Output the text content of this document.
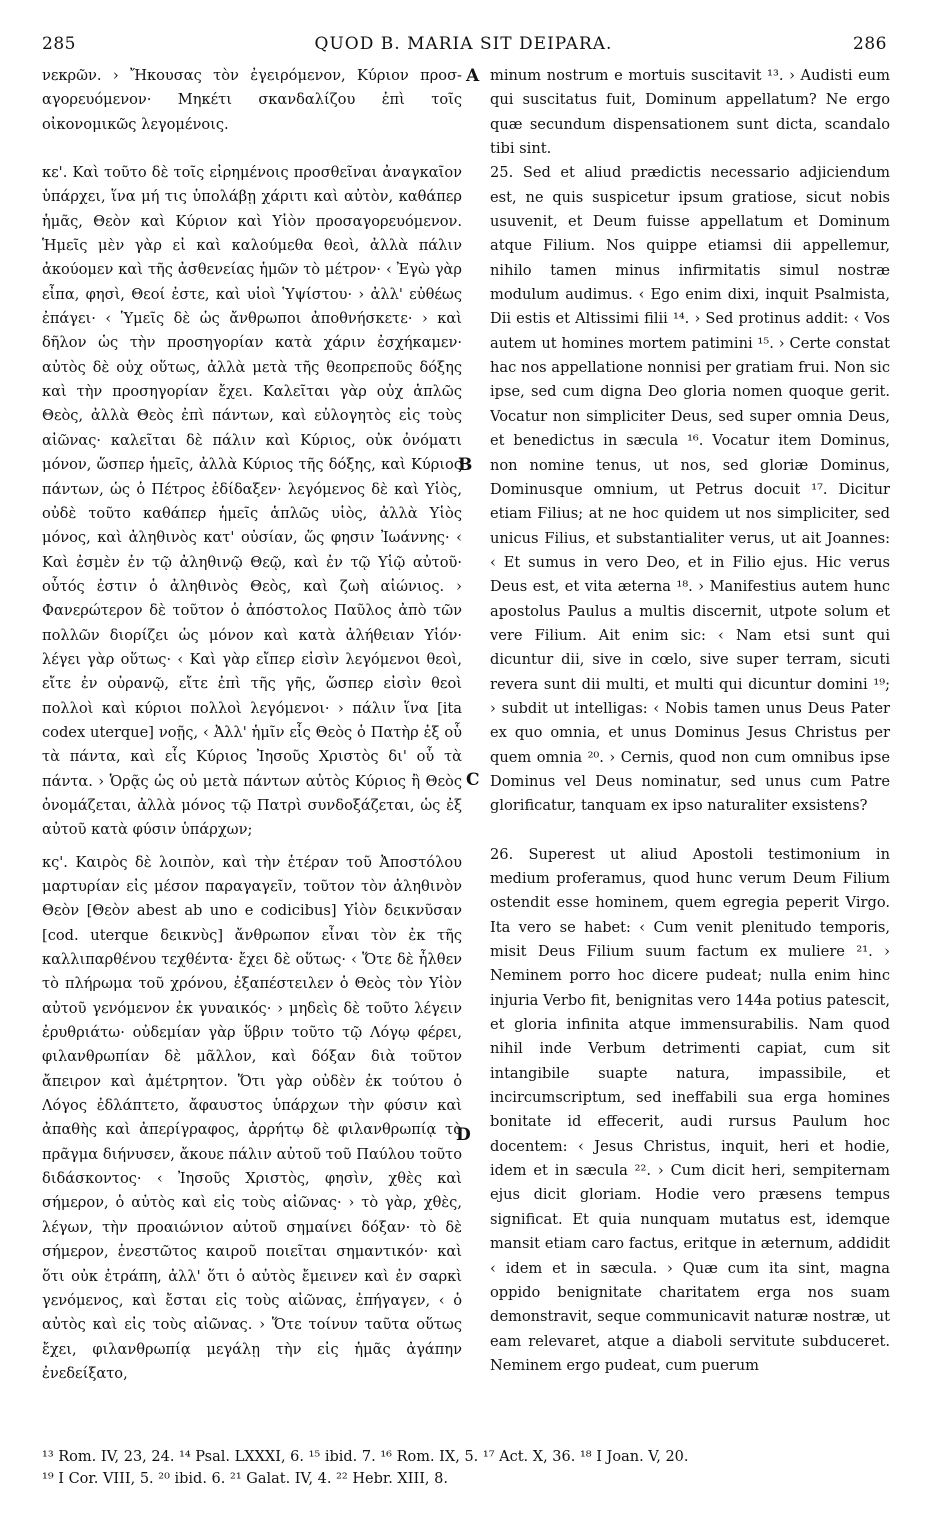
285	QUOD B. MARIA SIT DEIPARA.	286

νεκρῶν. › Ἤκουσας τὸν ἐγειρόμενον, Κύριον προσ-αγορευόμενον· Μηκέτι σκανδαλίζου ἐπὶ τοῖς οἰκονομικῶς λεγομένοις.

κε'. Καὶ τοῦτο δὲ τοῖς εἰρημένοις προσθεῖναι ἀναγκαῖον ὑπάρχει, ἵνα μή τις ὑπολάβῃ χάριτι καὶ αὐτὸν, καθάπερ ἡμᾶς, Θεὸν καὶ Κύριον καὶ Υἱὸν προσαγορευόμενον. Ἡμεῖς μὲν γὰρ εἰ καὶ καλούμεθα θεοὶ, ἀλλὰ πάλιν ἀκούομεν καὶ τῆς ἀσθενείας ἡμῶν τὸ μέτρον· ‹ Ἐγὼ γὰρ εἶπα, φησὶ, Θεοί ἐστε, καὶ υἱοὶ Ὑψίστου· › ἀλλ' εὐθέως ἐπάγει· ‹ Ὑμεῖς δὲ ὡς ἄνθρωποι ἀποθνήσκετε· › καὶ δῆλον ὡς τὴν προσηγορίαν κατὰ χάριν ἐσχήκαμεν· αὐτὸς δὲ οὐχ οὕτως, ἀλλὰ μετὰ τῆς θεοπρεποῦς δόξης καὶ τὴν προσηγορίαν ἔχει. Καλεῖται γὰρ οὐχ ἁπλῶς Θεὸς, ἀλλὰ Θεὸς ἐπὶ πάντων, καὶ εὐλογητὸς εἰς τοὺς αἰῶνας· καλεῖται δὲ πάλιν καὶ Κύριος, οὐκ ὀνόματι μόνον, ὥσπερ ἡμεῖς, ἀλλὰ Κύριος τῆς δόξης, καὶ Κύριος πάντων, ὡς ὁ Πέτρος ἐδίδαξεν· λεγόμενος δὲ καὶ Υἱὸς, οὐδὲ τοῦτο καθάπερ ἡμεῖς ἁπλῶς υἱὸς, ἀλλὰ Υἱὸς μόνος, καὶ ἀληθινὸς κατ' οὐσίαν, ὥς φησιν Ἰωάννης· ‹ Καὶ ἐσμὲν ἐν τῷ ἀληθινῷ Θεῷ, καὶ ἐν τῷ Υἱῷ αὐτοῦ· οὗτός ἐστιν ὁ ἀληθινὸς Θεὸς, καὶ ζωὴ αἰώνιος. › Φανερώτερον δὲ τοῦτον ὁ ἀπόστολος Παῦλος ἀπὸ τῶν πολλῶν διορίζει ὡς μόνον καὶ κατὰ ἀλήθειαν Υἱόν· λέγει γὰρ οὕτως· ‹ Καὶ γὰρ εἴπερ εἰσὶν λεγόμενοι θεοὶ, εἴτε ἐν οὐρανῷ, εἴτε ἐπὶ τῆς γῆς, ὥσπερ εἰσὶν θεοὶ πολλοὶ καὶ κύριοι πολλοὶ λεγόμενοι· › πάλιν ἵνα [ita codex uterque] νοῇς, ‹ Ἀλλ' ἡμῖν εἷς Θεὸς ὁ Πατὴρ ἐξ οὗ τὰ πάντα, καὶ εἷς Κύριος Ἰησοῦς Χριστὸς δι' οὗ τὰ πάντα. › Ὁρᾷς ὡς οὐ μετὰ πάντων αὐτὸς Κύριος ἢ Θεὸς ὀνομάζεται, ἀλλὰ μόνος τῷ Πατρὶ συνδοξάζεται, ὡς ἐξ αὐτοῦ κατὰ φύσιν ὑπάρχων;

κς'. Καιρὸς δὲ λοιπὸν, καὶ τὴν ἑτέραν τοῦ Ἀποστόλου μαρτυρίαν εἰς μέσον παραγαγεῖν, τοῦτον τὸν ἀληθινὸν Θεὸν [Θεὸν abest ab uno e codicibus] Υἱὸν δεικνῦσαν [cod. uterque δεικνὺς] ἄνθρωπον εἶναι τὸν ἐκ τῆς καλλιπαρθένου τεχθέντα· ἔχει δὲ οὕτως· ‹ Ὅτε δὲ ἦλθεν τὸ πλήρωμα τοῦ χρόνου, ἐξαπέστειλεν ὁ Θεὸς τὸν Υἱὸν αὐτοῦ γενόμενον ἐκ γυναικός· › μηδεὶς δὲ τοῦτο λέγειν ἐρυθριάτω· οὐδεμίαν γὰρ ὕβριν τοῦτο τῷ Λόγῳ φέρει, φιλανθρωπίαν δὲ μᾶλλον, καὶ δόξαν διὰ τοῦτον ἄπειρον καὶ ἀμέτρητον. Ὅτι γὰρ οὐδὲν ἐκ τούτου ὁ Λόγος ἐδλάπτετο, ἄφαυστος ὑπάρχων τὴν φύσιν καὶ ἀπαθὴς καὶ ἀπερίγραφος, ἀρρήτῳ δὲ φιλανθρωπίᾳ τὸ πρᾶγμα διήνυσεν, ἄκουε πάλιν αὐτοῦ τοῦ Παύλου τοῦτο διδάσκοντος· ‹ Ἰησοῦς Χριστὸς, φησὶν, χθὲς καὶ σήμερον, ὁ αὐτὸς καὶ εἰς τοὺς αἰῶνας· › τὸ γὰρ, χθὲς, λέγων, τὴν προαιώνιον αὐτοῦ σημαίνει δόξαν· τὸ δὲ σήμερον, ἐνεστῶτος καιροῦ ποιεῖται σημαντικόν· καὶ ὅτι οὐκ ἐτράπη, ἀλλ' ὅτι ὁ αὐτὸς ἔμεινεν καὶ ἐν σαρκὶ γενόμενος, καὶ ἔσται εἰς τοὺς αἰῶνας, ἐπήγαγεν, ‹ ὁ αὐτὸς καὶ εἰς τοὺς αἰῶνας. › Ὅτε τοίνυν ταῦτα οὕτως ἔχει, φιλανθρωπίᾳ μεγάλῃ τὴν εἰς ἡμᾶς ἀγάπην ἐνεδείξατο,

A
B
C
D

minum nostrum e mortuis suscitavit ¹³. › Audisti eum qui suscitatus fuit, Dominum appellatum? Ne ergo quæ secundum dispensationem sunt dicta, scandalo tibi sint.

25. Sed et aliud prædictis necessario adjiciendum est, ne quis suspicetur ipsum gratiose, sicut nobis usuvenit, et Deum fuisse appellatum et Dominum atque Filium. Nos quippe etiamsi dii appellemur, nihilo tamen minus infirmitatis simul nostræ modulum audimus. ‹ Ego enim dixi, inquit Psalmista, Dii estis et Altissimi filii ¹⁴. › Sed protinus addit: ‹ Vos autem ut homines mortem patimini ¹⁵. › Certe constat hac nos appellatione nonnisi per gratiam frui. Non sic ipse, sed cum digna Deo gloria nomen quoque gerit. Vocatur non simpliciter Deus, sed super omnia Deus, et benedictus in sæcula ¹⁶. Vocatur item Dominus, non nomine tenus, ut nos, sed gloriæ Dominus, Dominusque omnium, ut Petrus docuit ¹⁷. Dicitur etiam Filius; at ne hoc quidem ut nos simpliciter, sed unicus Filius, et substantialiter verus, ut ait Joannes: ‹ Et sumus in vero Deo, et in Filio ejus. Hic verus Deus est, et vita æterna ¹⁸. › Manifestius autem hunc apostolus Paulus a multis discernit, utpote solum et vere Filium. Ait enim sic: ‹ Nam etsi sunt qui dicuntur dii, sive in cœlo, sive super terram, sicuti revera sunt dii multi, et multi qui dicuntur domini ¹⁹; › subdit ut intelligas: ‹ Nobis tamen unus Deus Pater ex quo omnia, et unus Dominus Jesus Christus per quem omnia ²⁰. › Cernis, quod non cum omnibus ipse Dominus vel Deus nominatur, sed unus cum Patre glorificatur, tanquam ex ipso naturaliter exsistens?

26. Superest ut aliud Apostoli testimonium in medium proferamus, quod hunc verum Deum Filium ostendit esse hominem, quem egregia peperit Virgo. Ita vero se habet: ‹ Cum venit plenitudo temporis, misit Deus Filium suum factum ex muliere ²¹. › Neminem porro hoc dicere pudeat; nulla enim hinc injuria Verbo fit, benignitas vero 144a potius patescit, et gloria infinita atque immensurabilis. Nam quod nihil inde Verbum detrimenti capiat, cum sit intangibile suapte natura, impassibile, et incircumscriptum, sed ineffabili sua erga homines bonitate id effecerit, audi rursus Paulum hoc docentem: ‹ Jesus Christus, inquit, heri et hodie, idem et in sæcula ²². › Cum dicit heri, sempiternam ejus dicit gloriam. Hodie vero præsens tempus significat. Et quia nunquam mutatus est, idemque mansit etiam caro factus, eritque in æternum, addidit ‹ idem et in sæcula. › Quæ cum ita sint, magna oppido benignitate charitatem erga nos suam demonstravit, seque communicavit naturæ nostræ, ut eam relevaret, atque a diaboli servitute subduceret. Neminem ergo pudeat, cum puerum

¹³ Rom. IV, 23, 24. ¹⁴ Psal. LXXXI, 6. ¹⁵ ibid. 7. ¹⁶ Rom. IX, 5. ¹⁷ Act. X, 36. ¹⁸ I Joan. V, 20.
¹⁹ I Cor. VIII, 5. ²⁰ ibid. 6. ²¹ Galat. IV, 4. ²² Hebr. XIII, 8.
